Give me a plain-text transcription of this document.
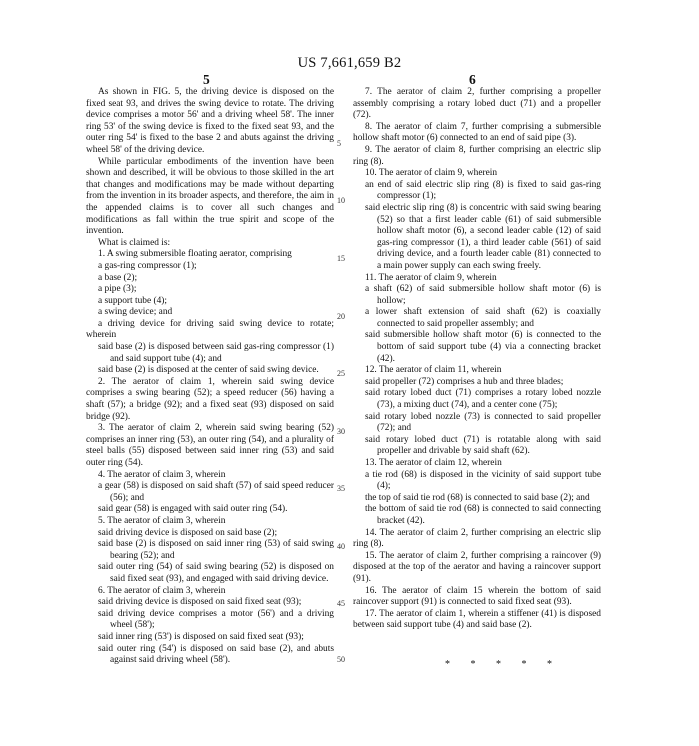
US 7,661,659 B2
5	6

As shown in FIG. 5, the driving device is disposed on the fixed seat 93, and drives the swing device to rotate. The driving device comprises a motor 56' and a driving wheel 58'. The inner ring 53' of the swing device is fixed to the fixed seat 93, and the outer ring 54' is fixed to the base 2 and abuts against the driving wheel 58' of the driving device.

While particular embodiments of the invention have been shown and described, it will be obvious to those skilled in the art that changes and modifications may be made without departing from the invention in its broader aspects, and therefore, the aim in the appended claims is to cover all such changes and modifications as fall within the true spirit and scope of the invention.

What is claimed is:

1. A swing submersible floating aerator, comprising

a gas-ring compressor (1);

a base (2);

a pipe (3);

a support tube (4);

a swing device; and

a driving device for driving said swing device to rotate; wherein

said base (2) is disposed between said gas-ring compressor (1) and said support tube (4); and

said base (2) is disposed at the center of said swing device.

2. The aerator of claim 1, wherein said swing device comprises a swing bearing (52); a speed reducer (56) having a shaft (57); a bridge (92); and a fixed seat (93) disposed on said bridge (92).

3. The aerator of claim 2, wherein said swing bearing (52) comprises an inner ring (53), an outer ring (54), and a plurality of steel balls (55) disposed between said inner ring (53) and said outer ring (54).

4. The aerator of claim 3, wherein

a gear (58) is disposed on said shaft (57) of said speed reducer (56); and

said gear (58) is engaged with said outer ring (54).

5. The aerator of claim 3, wherein

said driving device is disposed on said base (2);

said base (2) is disposed on said inner ring (53) of said swing bearing (52); and

said outer ring (54) of said swing bearing (52) is disposed on said fixed seat (93), and engaged with said driving device.

6. The aerator of claim 3, wherein

said driving device is disposed on said fixed seat (93);

said driving device comprises a motor (56') and a driving wheel (58');

said inner ring (53') is disposed on said fixed seat (93);

said outer ring (54') is disposed on said base (2), and abuts against said driving wheel (58').

5
10
15
20
25
30
35
40
45
50

7. The aerator of claim 2, further comprising a propeller assembly comprising a rotary lobed duct (71) and a propeller (72).

8. The aerator of claim 7, further comprising a submersible hollow shaft motor (6) connected to an end of said pipe (3).

9. The aerator of claim 8, further comprising an electric slip ring (8).

10. The aerator of claim 9, wherein

an end of said electric slip ring (8) is fixed to said gas-ring compressor (1);

said electric slip ring (8) is concentric with said swing bearing (52) so that a first leader cable (61) of said submersible hollow shaft motor (6), a second leader cable (12) of said gas-ring compressor (1), a third leader cable (561) of said driving device, and a fourth leader cable (81) connected to a main power supply can each swing freely.

11. The aerator of claim 9, wherein

a shaft (62) of said submersible hollow shaft motor (6) is hollow;

a lower shaft extension of said shaft (62) is coaxially connected to said propeller assembly; and

said submersible hollow shaft motor (6) is connected to the bottom of said support tube (4) via a connecting bracket (42).

12. The aerator of claim 11, wherein

said propeller (72) comprises a hub and three blades;

said rotary lobed duct (71) comprises a rotary lobed nozzle (73), a mixing duct (74), and a center cone (75);

said rotary lobed nozzle (73) is connected to said propeller (72); and

said rotary lobed duct (71) is rotatable along with said propeller and drivable by said shaft (62).

13. The aerator of claim 12, wherein

a tie rod (68) is disposed in the vicinity of said support tube (4);

the top of said tie rod (68) is connected to said base (2); and

the bottom of said tie rod (68) is connected to said connecting bracket (42).

14. The aerator of claim 2, further comprising an electric slip ring (8).

15. The aerator of claim 2, further comprising a raincover (9) disposed at the top of the aerator and having a raincover support (91).

16. The aerator of claim 15 wherein the bottom of said raincover support (91) is connected to said fixed seat (93).

17. The aerator of claim 1, wherein a stiffener (41) is disposed between said support tube (4) and said base (2).

* * * * *
